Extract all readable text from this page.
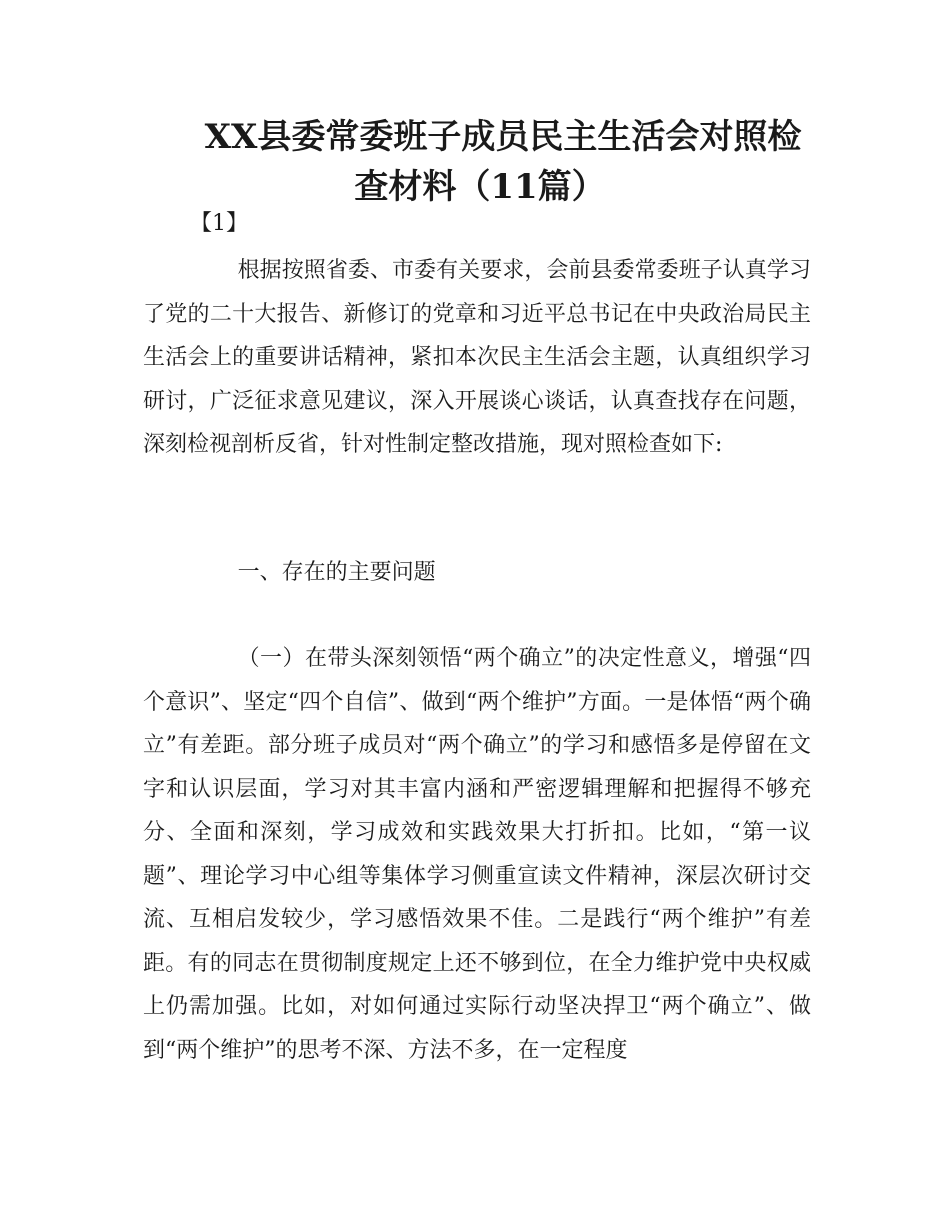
XX县委常委班子成员民主生活会对照检
查材料（11篇）
【1】

根据按照省委、市委有关要求，会前县委常委班子认真学习了党的二十大报告、新修订的党章和习近平总书记在中央政治局民主生活会上的重要讲话精神，紧扣本次民主生活会主题，认真组织学习研讨，广泛征求意见建议，深入开展谈心谈话，认真查找存在问题，深刻检视剖析反省，针对性制定整改措施，现对照检查如下:

一、存在的主要问题

（一）在带头深刻领悟“两个确立”的决定性意义，增强“四个意识”、坚定“四个自信”、做到“两个维护”方面。一是体悟“两个确立”有差距。部分班子成员对“两个确立”的学习和感悟多是停留在文字和认识层面，学习对其丰富内涵和严密逻辑理解和把握得不够充分、全面和深刻，学习成效和实践效果大打折扣。比如，“第一议题”、理论学习中心组等集体学习侧重宣读文件精神，深层次研讨交流、互相启发较少，学习感悟效果不佳。二是践行“两个维护”有差距。有的同志在贯彻制度规定上还不够到位，在全力维护党中央权威上仍需加强。比如，对如何通过实际行动坚决捍卫“两个确立”、做到“两个维护”的思考不深、方法不多，在一定程度
